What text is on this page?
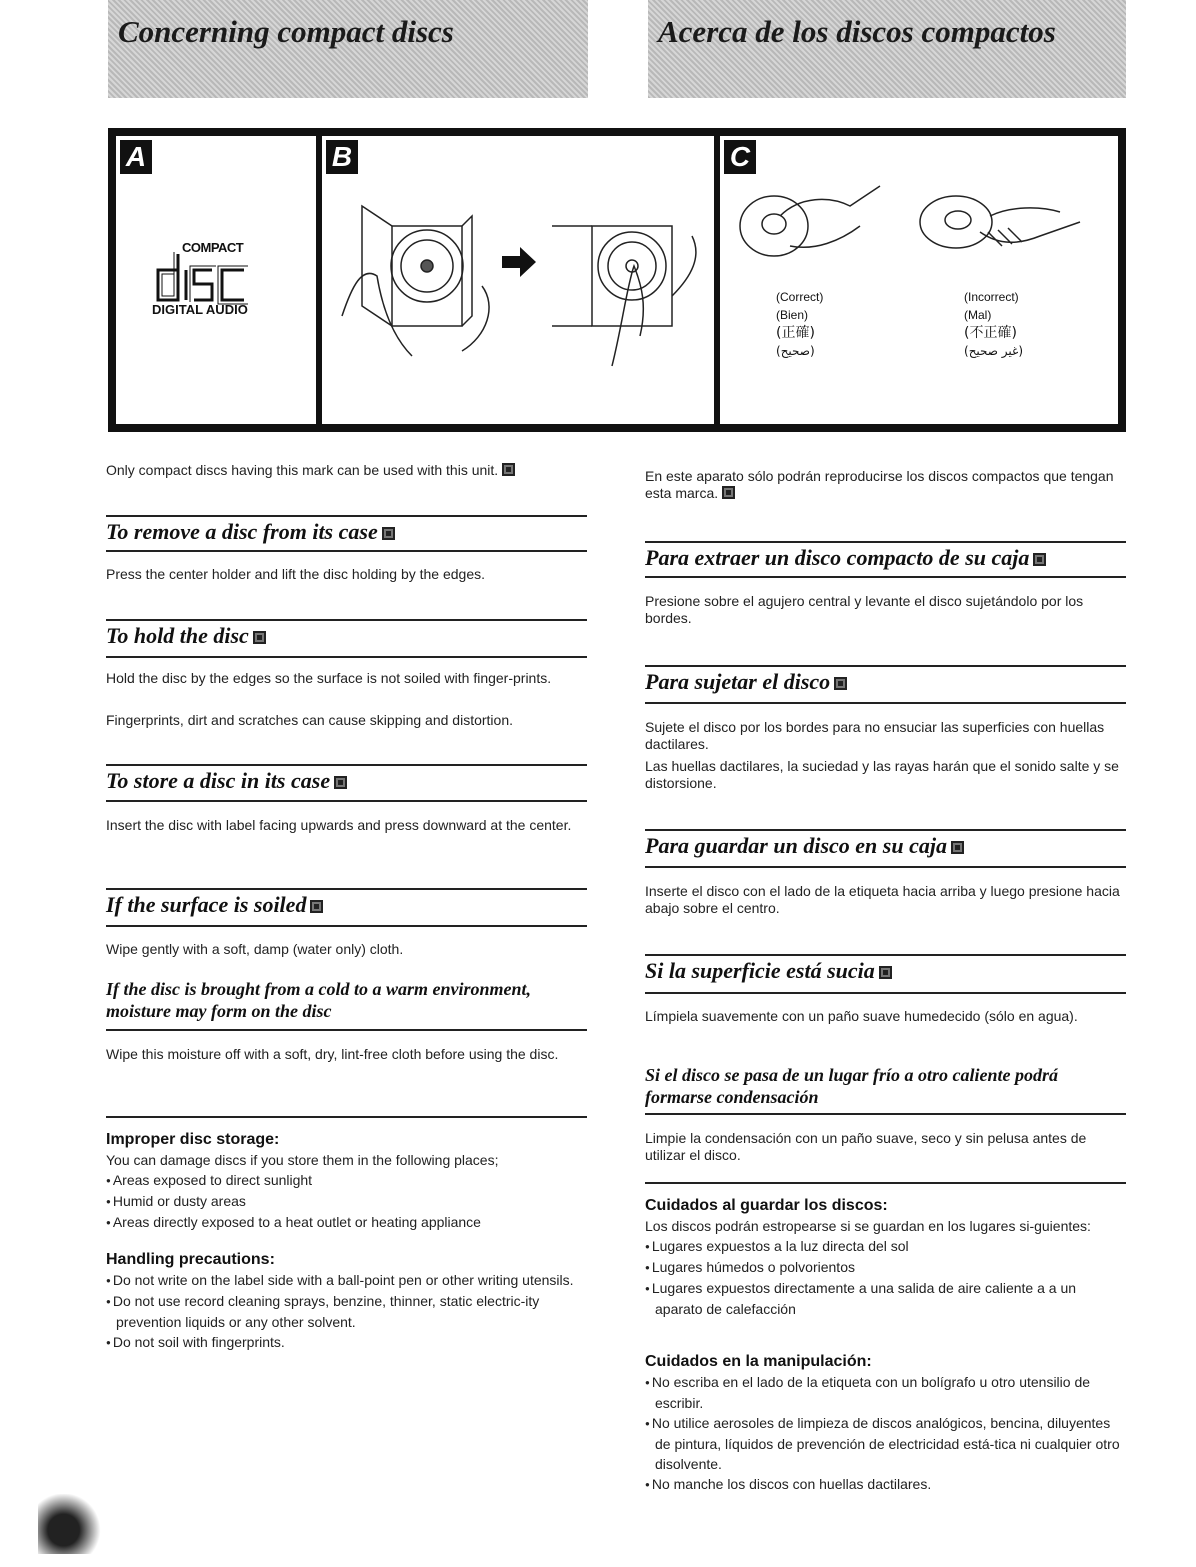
Concerning compact discs	Acerca de los discos compactos
A
COMPACT
DIGITAL AUDIO
B	C
(Correct)
(Bien)
(正確)
(صحيح)
(Incorrect)
(Mal)
(不正確)
(غير صحيح)
Only compact discs having this mark can be used with this unit.
To remove a disc from its case
Press the center holder and lift the disc holding by the edges.
To hold the disc
Hold the disc by the edges so the surface is not soiled with finger-prints.
Fingerprints, dirt and scratches can cause skipping and distortion.
To store a disc in its case
Insert the disc with label facing upwards and press downward at the center.
If the surface is soiled
Wipe gently with a soft, damp (water only) cloth.
If the disc is brought from a cold to a warm environment, moisture may form on the disc
Wipe this moisture off with a soft, dry, lint-free cloth before using the disc.
Improper disc storage:
You can damage discs if you store them in the following places;
● Areas exposed to direct sunlight
● Humid or dusty areas
● Areas directly exposed to a heat outlet or heating appliance
Handling precautions:
● Do not write on the label side with a ball-point pen or other writing utensils.
● Do not use record cleaning sprays, benzine, thinner, static electric-ity prevention liquids or any other solvent.
● Do not soil with fingerprints.
En este aparato sólo podrán reproducirse los discos compactos que tengan esta marca.
Para extraer un disco compacto de su caja
Presione sobre el agujero central y levante el disco sujetándolo por los bordes.
Para sujetar el disco
Sujete el disco por los bordes para no ensuciar las superficies con huellas dactilares.
Las huellas dactilares, la suciedad y las rayas harán que el sonido salte y se distorsione.
Para guardar un disco en su caja
Inserte el disco con el lado de la etiqueta hacia arriba y luego presione hacia abajo sobre el centro.
Si la superficie está sucia
Límpiela suavemente con un paño suave humedecido (sólo en agua).
Si el disco se pasa de un lugar frío a otro caliente podrá formarse condensación
Limpie la condensación con un paño suave, seco y sin pelusa antes de utilizar el disco.
Cuidados al guardar los discos:
Los discos podrán estropearse si se guardan en los lugares si-guientes:
● Lugares expuestos a la luz directa del sol
● Lugares húmedos o polvorientos
● Lugares expuestos directamente a una salida de aire caliente a a un aparato de calefacción
Cuidados en la manipulación:
● No escriba en el lado de la etiqueta con un bolígrafo u otro utensilio de escribir.
● No utilice aerosoles de limpieza de discos analógicos, bencina, diluyentes de pintura, líquidos de prevención de electricidad está-tica ni cualquier otro disolvente.
● No manche los discos con huellas dactilares.
